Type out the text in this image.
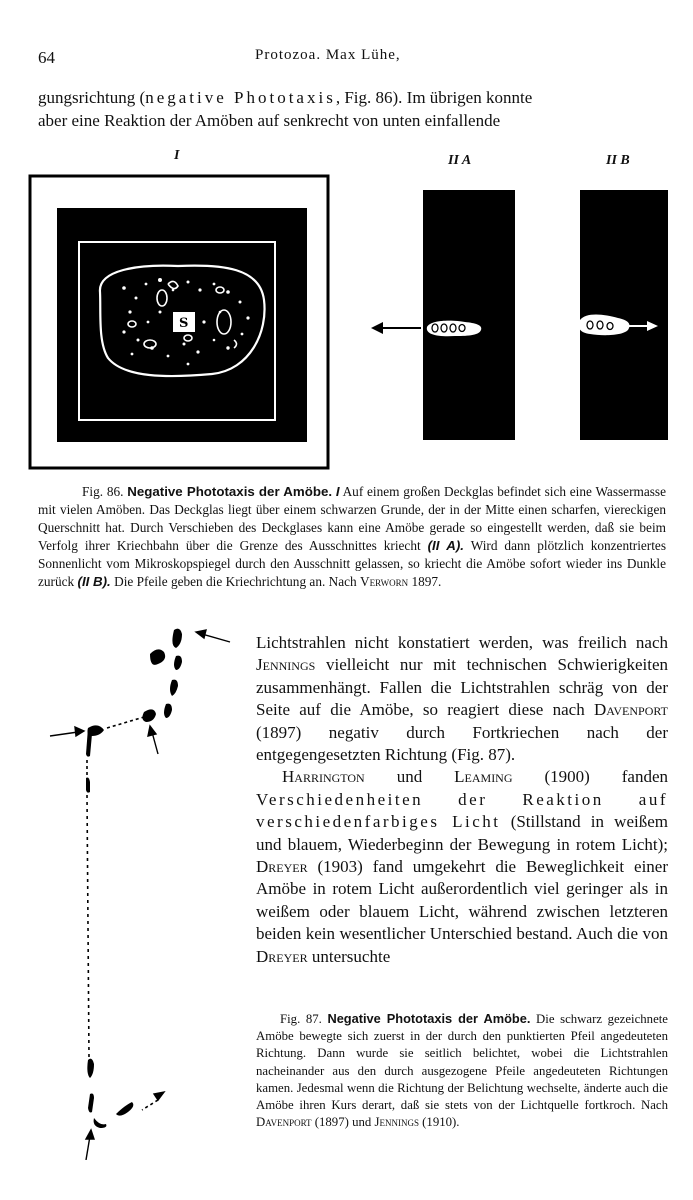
64	Protozoa. Max Lühe,
gungsrichtung (negative Phototaxis, Fig. 86). Im übrigen konnte
aber eine Reaktion der Amöben auf senkrecht von unten einfallende
I	II A	II B
S

Fig. 86. Negative Phototaxis der Amöbe. I Auf einem großen Deckglas befindet sich eine Wassermasse mit vielen Amöben. Das Deckglas liegt über einem schwarzen Grunde, der in der Mitte einen scharfen, viereckigen Querschnitt hat. Durch Verschieben des Deckglases kann eine Amöbe gerade so eingestellt werden, daß sie beim Verfolg ihrer Kriechbahn über die Grenze des Ausschnittes kriecht (II A). Wird dann plötzlich konzentriertes Sonnenlicht vom Mikroskopspiegel durch den Ausschnitt gelassen, so kriecht die Amöbe sofort wieder ins Dunkle zurück (II B). Die Pfeile geben die Kriechrichtung an. Nach Verworn 1897.

Lichtstrahlen nicht konstatiert werden, was freilich nach Jennings vielleicht nur mit technischen Schwierigkeiten zusammenhängt. Fallen die Lichtstrahlen schräg von der Seite auf die Amöbe, so reagiert diese nach Davenport (1897) negativ durch Fortkriechen nach der entgegengesetzten Richtung (Fig. 87).

Harrington und Leaming (1900) fanden Verschiedenheiten der Reaktion auf verschiedenfarbiges Licht (Stillstand in weißem und blauem, Wiederbeginn der Bewegung in rotem Licht); Dreyer (1903) fand umgekehrt die Beweglichkeit einer Amöbe in rotem Licht außerordentlich viel geringer als in weißem oder blauem Licht, während zwischen letzteren beiden kein wesentlicher Unterschied bestand. Auch die von Dreyer untersuchte

Fig. 87. Negative Phototaxis der Amöbe. Die schwarz gezeichnete Amöbe bewegte sich zuerst in der durch den punktierten Pfeil angedeuteten Richtung. Dann wurde sie seitlich belichtet, wobei die Lichtstrahlen nacheinander aus den durch ausgezogene Pfeile angedeuteten Richtungen kamen. Jedesmal wenn die Richtung der Belichtung wechselte, änderte auch die Amöbe ihren Kurs derart, daß sie stets von der Lichtquelle fortkroch. Nach Davenport (1897) und Jennings (1910).
